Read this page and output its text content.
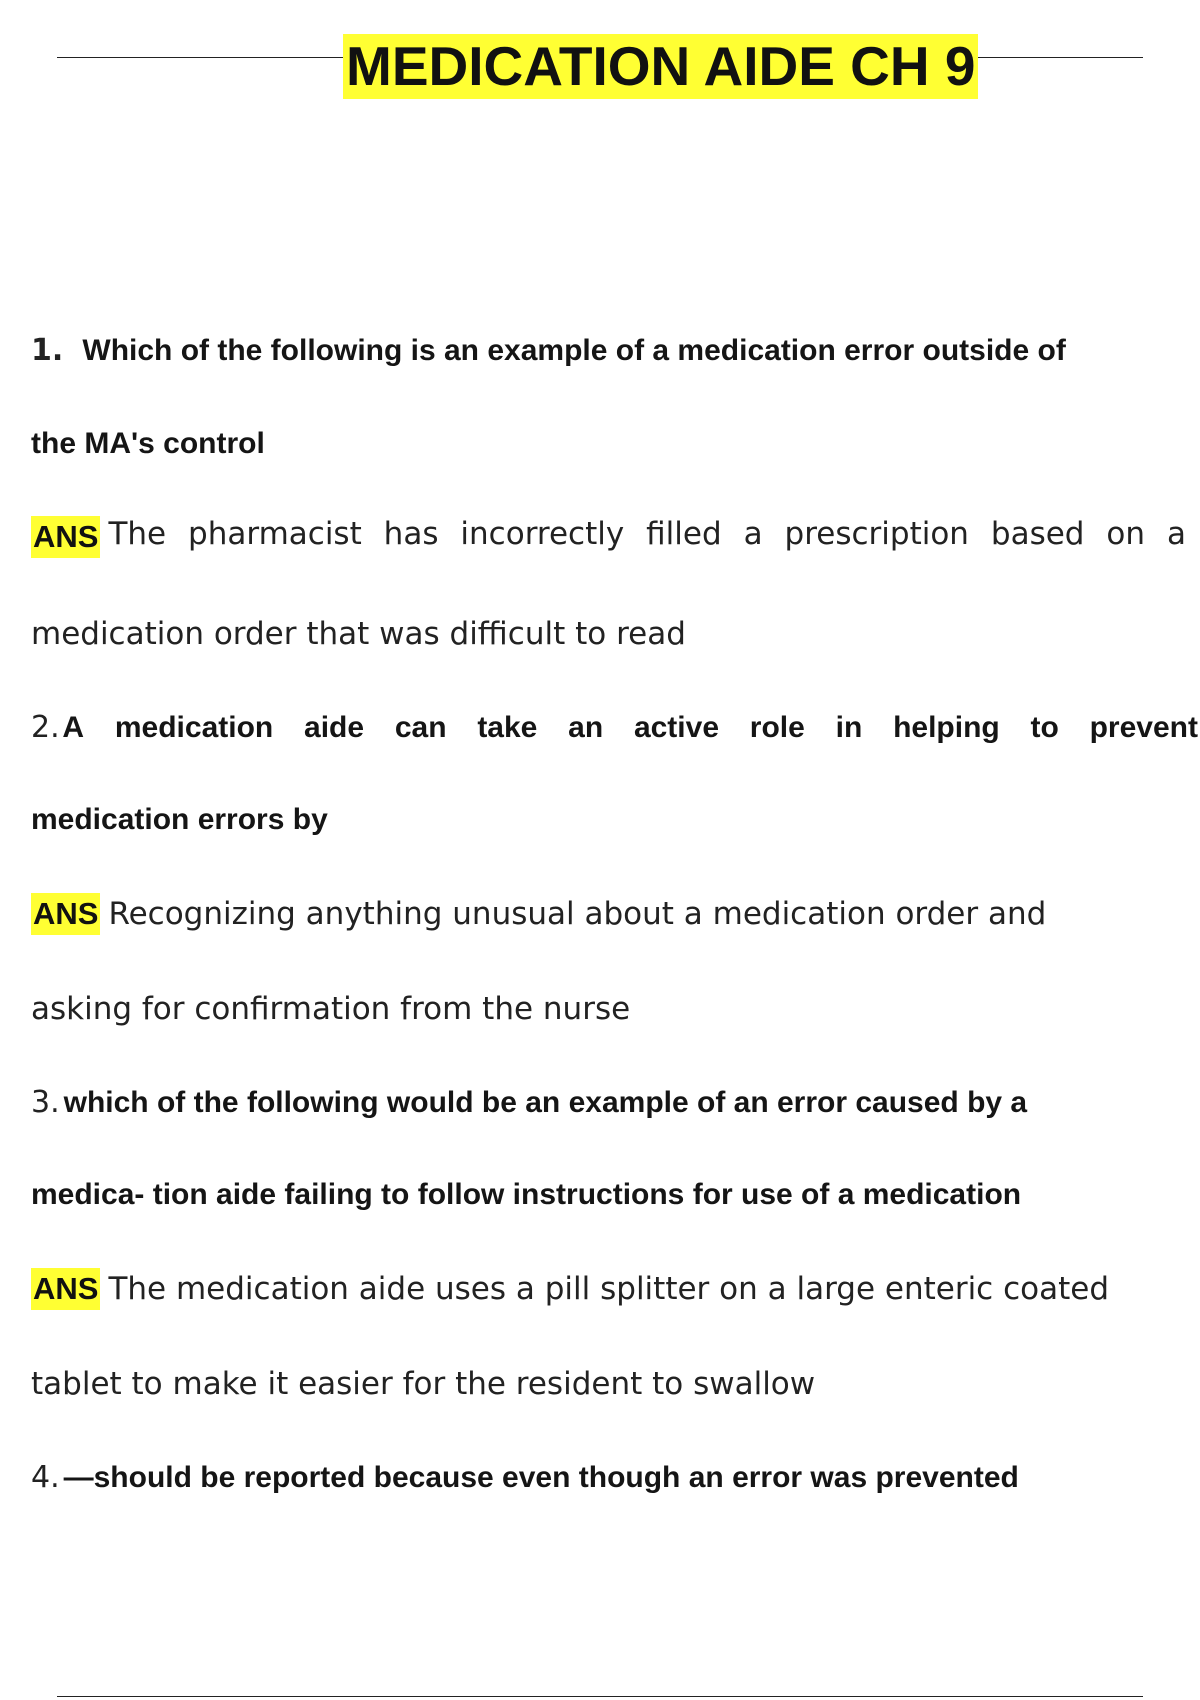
MEDICATION AIDE CH 9
1. Which of the following is an example of a medication error outside of
the MA's control
ANS The pharmacist has incorrectly filled a prescription based on a
medication order that was difficult to read
2. A medication aide can take an active role in helping to prevent
medication errors by
ANS Recognizing anything unusual about a medication order and
asking for confirmation from the nurse
3. which of the following would be an example of an error caused by a
medica- tion aide failing to follow instructions for use of a medication
ANS The medication aide uses a pill splitter on a large enteric coated
tablet to make it easier for the resident to swallow
4. —should be reported because even though an error was prevented
